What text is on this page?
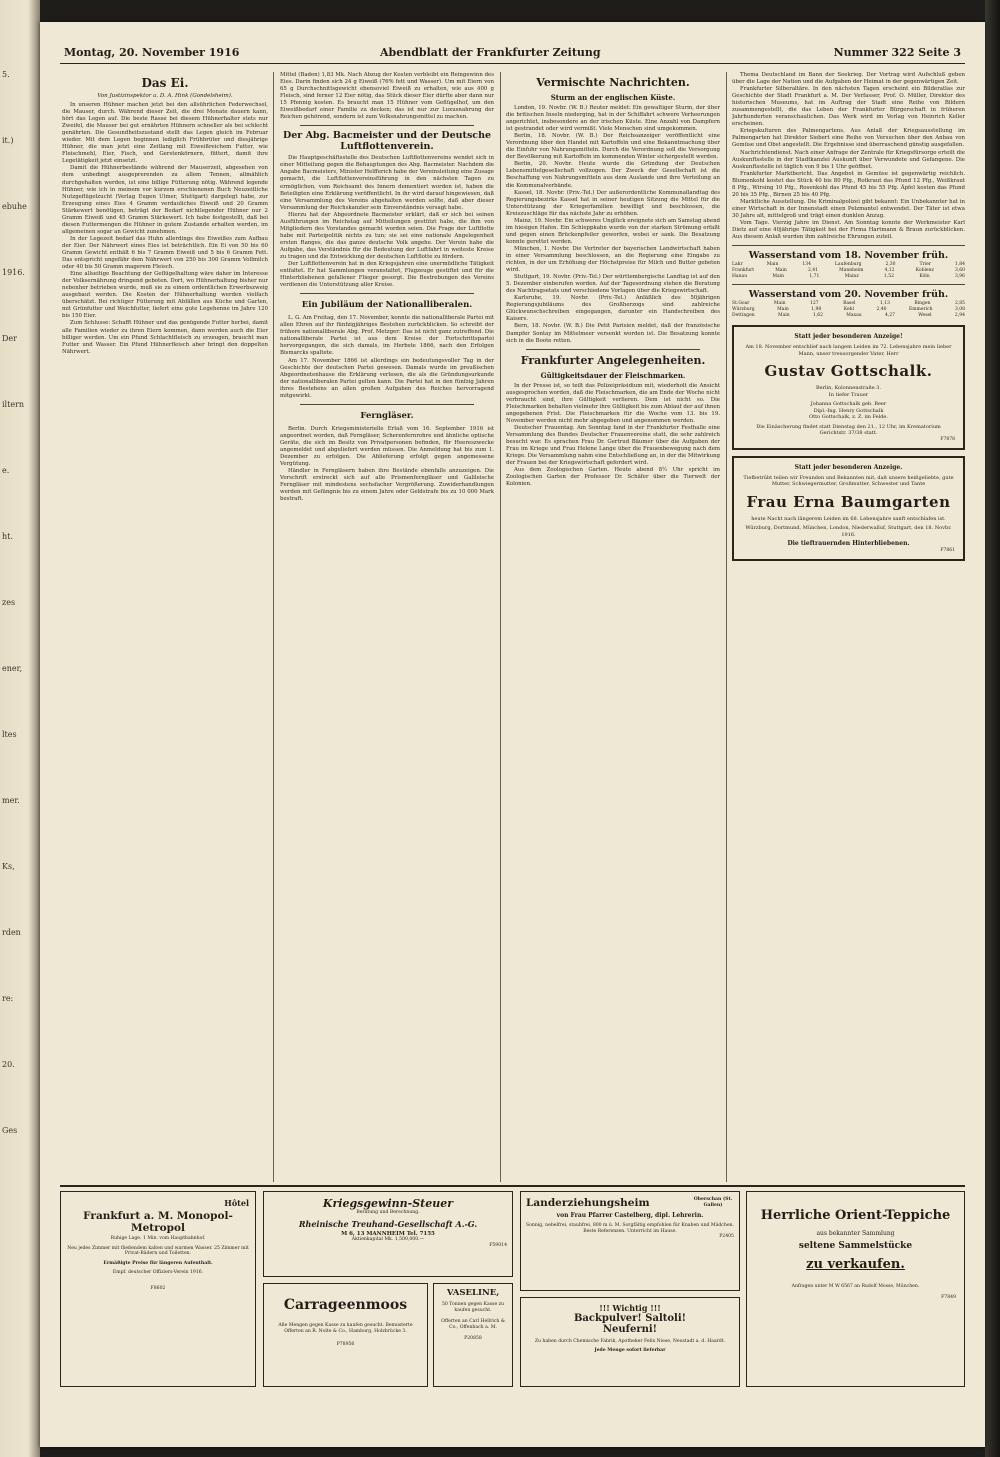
5.
it.)
ebuhe
1916.
Der
iltern
e.
ht.
zes
ener,
ltes
mer.
Ks,
rden
re:
20.
Ges
Montag, 20. November 1916	Abendblatt der Frankfurter Zeitung	Nummer 322 Seite 3
Das Ei.
Von Justizinspektor a. D. A. Hink (Gondelsheim).

In unseren Hühner machen jetzt bei den allsührlichen Federwechsel, die Mauser, durch. Während dieser Zeit, die drei Monate dauern kann, hört das Legen auf. Die beste Rasse bei diesem Hühnerhalter stets nur Zweifel, die Mauser bei gut ernährten Hühnern schneller als bei schlecht genährten. Die Gesundheitszustand stellt das Legen gleich im Februar wieder. Mit dem Legen beginnen lediglich Frühbrüter und diesjährige Hühner, die man jetzt eine Zeitlang mit Eiweißreichem Futter, wie Fleischmehl, Eier, Fisch, und Gerstenkörnern, füttert, damit ihre Legetätigkeit jetzt einsetzt.

Damit die Hühnerbestände während der Mauserzeit, abgesehen von dem unbedingt ausgeprerenden zu allem Tennen, allmählich durchgehalten werden, ist eine billige Fütterung nötig. Während legende Hühner, wie ich in meinem vor kurzem erschienenen Buch Neuzeitliche Nutzgeflügelzucht (Verlag Eugen Ulmer, Stuttgart) dargelegt habe, zur Erzeugung eines Eies 4 Gramm verdauliches Eiweiß und 20 Gramm Stärkewert benötigen, beträgt der Bedarf nichtlegender Hühner nur 2 Gramm Eiweiß und 45 Gramm Stärkewert. Ich habe festgestellt, daß bei diesen Futtermengen die Hühner in gutem Zustande erhalten werden, im allgemeinen sogar an Gewicht zunehmen.

In der Legezeit bedarf das Huhn allerdings des Eiweißes zum Aufbau der Eier. Der Nährwert eines Eies ist beträchtlich. Ein Ei von 50 bis 60 Gramm Gewicht enthält 6 bis 7 Gramm Eiweiß und 5 bis 6 Gramm Fett. Das entspricht ungefähr dem Nährwert von 250 bis 300 Gramm Vollmilch oder 40 bis 50 Gramm magerem Fleisch.

Eine allseitige Beachtung der Geflügelhaltung wäre daher im Interesse der Volksernährung dringend geboten. Dort, wo Hühnerhaltung bisher nur nebenher betrieben wurde, muß sie zu einem ordentlichen Erwerbszweig ausgebaut werden. Die Kosten der Hühnerhaltung werden vielfach überschätzt. Bei richtiger Fütterung mit Abfällen aus Küche und Garten, mit Grünfutter und Weichfutter, liefert eine gute Legehenne im Jahre 120 bis 150 Eier.

Zum Schlusse: Schafft Hühner und das genügende Futter herbei, damit alle Familien wieder zu ihren Eiern kommen, dann werden auch die Eier billiger werden. Um ein Pfund Schlachtfleisch zu erzeugen, braucht man Futter und Wasser. Ein Pfund Hühnerfleisch aber bringt den doppelten Nährwert.

Mittel (Baden) 1,83 Mk. Nach Abzug der Kosten verbleibt ein Reingewinn des Eies. Darin finden sich 24 g Eiweiß (76% fett und Wasser). Um mit Eiern von 65 g Durchschnittsgewicht ebensoviel Eiweiß zu erhalten, wie aus 400 g Fleisch, sind ferner 12 Eier nötig, das Stück dieser Eier dürfte aber dann nur 15 Pfennig kosten. Es braucht man 15 Hühner vom Geflügelhof, um den Eiweißbedarf einer Familie zu decken; das ist nur zur Luxusnahrung der Reichen gehörend, sondern ist zum Volksnahrungsmittel zu machen.

Der Abg. Bacmeister und der Deutsche Luftflottenverein.

Die Hauptgeschäftsstelle des Deutschen Luftflottenvereins wendet sich in einer Mitteilung gegen die Behauptungen des Abg. Bacmeister. Nachdem die Angabe Bacmeisters, Minister Helfferich habe der Vereinsleitung eine Zusage gemacht, die Luftflottenvereinsführung in den nächsten Tagen zu ermöglichen, vom Reichsamt des Innern dementiert worden ist, haben die Beteiligten eine Erklärung veröffentlicht. In ihr wird darauf hingewiesen, daß eine Versammlung des Vereins abgehalten werden sollte, daß aber dieser Versammlung der Reichskanzler sein Einverständnis versagt habe.

Hierzu hat der Abgeordnete Bacmeister erklärt, daß er sich bei seinen Ausführungen im Reichstag auf Mitteilungen gestützt habe, die ihm von Mitgliedern des Vorstandes gemacht worden seien. Die Frage der Luftflotte habe mit Parteipolitik nichts zu tun; sie sei eine nationale Angelegenheit ersten Ranges, die das ganze deutsche Volk angehe. Der Verein habe die Aufgabe, das Verständnis für die Bedeutung der Luftfahrt in weiteste Kreise zu tragen und die Entwicklung der deutschen Luftflotte zu fördern.

Der Luftflottenverein hat in den Kriegsjahren eine unermüdliche Tätigkeit entfaltet. Er hat Sammlungen veranstaltet, Flugzeuge gestiftet und für die Hinterbliebenen gefallener Flieger gesorgt. Die Bestrebungen des Vereins verdienen die Unterstützung aller Kreise.

Ein Jubiläum der Nationalliberalen.

L. G. Am Freitag, den 17. November, konnte die nationalliberale Partei mit allen Ehren auf ihr fünfzigjähriges Bestehen zurückblicken. So schreibt der frühere nationalliberale Abg. Prof. Metzger: Das ist nicht ganz zutreffend. Die nationalliberale Partei ist aus dem Kreise der Fortschrittspartei hervorgegangen, die sich damals, im Herbste 1866, nach den Erfolgen Bismarcks spaltete.

Am 17. November 1866 ist allerdings ein bedeutungsvoller Tag in der Geschichte der deutschen Partei gewesen. Damals wurde im preußischen Abgeordnetenhause die Erklärung verlesen, die als die Gründungsurkunde der nationalliberalen Partei gelten kann. Die Partei hat in den fünfzig Jahren ihres Bestehens an allen großen Aufgaben des Reiches hervorragend mitgewirkt.

Ferngläser.

Berlin. Durch Kriegsministerielle Erlaß vom 16. September 1916 ist angeordnet worden, daß Ferngläser, Scherenfernrohre und ähnliche optische Geräte, die sich im Besitz von Privatpersonen befinden, für Heereszwecke angemeldet und abgeliefert werden müssen. Die Anmeldung hat bis zum 1. Dezember zu erfolgen. Die Ablieferung erfolgt gegen angemessene Vergütung.

Händler in Ferngläsern haben ihre Bestände ebenfalls anzuzeigen. Die Vorschrift erstreckt sich auf alle Prismenferngläser und Galileische Ferngläser mit mindestens sechsfacher Vergrößerung. Zuwiderhandlungen werden mit Gefängnis bis zu einem Jahre oder Geldstrafe bis zu 10 000 Mark bestraft.

Vermischte Nachrichten.
Sturm an der englischen Küste.

London, 19. Novbr. (W. B.) Reuter meldet: Ein gewaltiger Sturm, der über die britischen Inseln niederging, hat in der Schiffahrt schwere Verheerungen angerichtet, insbesondere an der irischen Küste. Eine Anzahl von Dampfern ist gestrandet oder wird vermißt. Viele Menschen sind umgekommen.

Berlin, 18. Novbr. (W. B.) Der Reichsanzeiger veröffentlicht eine Verordnung über den Handel mit Kartoffeln und eine Bekanntmachung über die Einfuhr von Nahrungsmitteln. Durch die Verordnung soll die Versorgung der Bevölkerung mit Kartoffeln im kommenden Winter sichergestellt werden.

Berlin, 20. Novbr. Heute wurde die Gründung der Deutschen Lebensmittelgesellschaft vollzogen. Der Zweck der Gesellschaft ist die Beschaffung von Nahrungsmitteln aus dem Auslande und ihre Verteilung an die Kommunalverbände.

Kassel, 18. Novbr. (Priv.-Tel.) Der außerordentliche Kommunallandtag des Regierungsbezirks Kassel hat in seiner heutigen Sitzung die Mittel für die Unterstützung der Kriegerfamilien bewilligt und beschlossen, die Kreiszuschläge für das nächste Jahr zu erhöhen.

Mainz, 19. Novbr. Ein schweres Unglück ereignete sich am Samstag abend im hiesigen Hafen. Ein Schleppkahn wurde von der starken Strömung erfaßt und gegen einen Brückenpfeiler geworfen, wobei er sank. Die Besatzung konnte gerettet werden.

München, 1. Novbr. Die Vertreter der bayerischen Landwirtschaft haben in einer Versammlung beschlossen, an die Regierung eine Eingabe zu richten, in der um Erhöhung der Höchstpreise für Milch und Butter gebeten wird.

Stuttgart, 19. Novbr. (Priv.-Tel.) Der württembergische Landtag ist auf den 5. Dezember einberufen worden. Auf der Tagesordnung stehen die Beratung des Nachtragsetats und verschiedene Vorlagen über die Kriegswirtschaft.

Karlsruhe, 19. Novbr. (Priv.-Tel.) Anläßlich des 50jährigen Regierungsjubiläums des Großherzogs sind zahlreiche Glückwunschschreiben eingegangen, darunter ein Handschreiben des Kaisers.

Bern, 18. Novbr. (W. B.) Die Petit Parisien meldet, daß der französische Dampfer Sontay im Mittelmeer versenkt worden ist. Die Besatzung konnte sich in die Boote retten.

Frankfurter Angelegenheiten.
Gültigkeitsdauer der Fleischmarken.

In der Presse ist, so teilt das Polizeipräsidium mit, wiederholt die Ansicht ausgesprochen worden, daß die Fleischmarken, die am Ende der Woche nicht verbraucht sind, ihre Gültigkeit verlieren. Dem ist nicht so. Die Fleischmarken behalten vielmehr ihre Gültigkeit bis zum Ablauf der auf ihnen angegebenen Frist. Die Fleischmarken für die Woche vom 13. bis 19. November werden nicht mehr abgegeben und angenommen werden.

Deutscher Frauentag. Am Sonntag fand in der Frankfurter Festhalle eine Versammlung des Bundes Deutscher Frauenvereine statt, die sehr zahlreich besucht war. Es sprachen Frau Dr. Gertrud Bäumer über die Aufgaben der Frau im Kriege und Frau Helene Lange über die Frauenbewegung nach dem Kriege. Die Versammlung nahm eine Entschließung an, in der die Mitwirkung der Frauen bei der Kriegswirtschaft gefordert wird.

Aus dem Zoologischen Garten. Heute abend 8½ Uhr spricht im Zoologischen Garten der Professor Dr. Schäfer über die Tierwelt der Kolonien.

Thema Deutschland im Bann der Seekrieg. Der Vortrag wird Aufschluß geben über die Lage der Nation und die Aufgaben der Heimat in der gegenwärtigen Zeit.

Frankfurter Silberaltäre. In den nächsten Tagen erscheint ein Bilderatlas zur Geschichte der Stadt Frankfurt a. M. Der Verfasser, Prof. O. Müller, Direktor des historischen Museums, hat im Auftrag der Stadt eine Reihe von Bildern zusammengestellt, die das Leben der Frankfurter Bürgerschaft in früheren Jahrhunderten veranschaulichen. Das Werk wird im Verlag von Heinrich Keller erscheinen.

Kriegskulturen des Palmengartens. Aus Anlaß der Kriegsausstellung im Palmengarten hat Direktor Siebert eine Reihe von Versuchen über den Anbau von Gemüse und Obst angestellt. Die Ergebnisse sind überraschend günstig ausgefallen.

Nachrichtendienst. Nach einer Anfrage der Zentrale für Kriegsfürsorge erteilt die Auskunftsstelle in der Stadtkanzlei Auskunft über Verwundete und Gefangene. Die Auskunftsstelle ist täglich von 9 bis 1 Uhr geöffnet.

Frankfurter Marktbericht. Das Angebot in Gemüse ist gegenwärtig reichlich. Blumenkohl kostet das Stück 40 bis 80 Pfg., Rotkraut das Pfund 12 Pfg., Weißkraut 8 Pfg., Wirsing 10 Pfg., Rosenkohl das Pfund 45 bis 55 Pfg. Äpfel kosten das Pfund 20 bis 35 Pfg., Birnen 25 bis 40 Pfg.

Marktliche Ausstellung. Die Kriminalpolizei gibt bekannt: Ein Unbekannter hat in einer Wirtschaft in der Innenstadt einen Pelzmantel entwendet. Der Täter ist etwa 30 Jahre alt, mittelgroß und trägt einen dunklen Anzug.

Vom Tage. Vierzig Jahre im Dienst. Am Sonntag konnte der Werkmeister Karl Dietz auf eine 40jährige Tätigkeit bei der Firma Hartmann & Braun zurückblicken. Aus diesem Anlaß wurden ihm zahlreiche Ehrungen zuteil.

Wasserstand vom 18. November früh.
Lahr	Main	134	Laufenburg	2,30	Trier	1,84
Frankfurt	Main	2,41	Mannheim	4,12	Koblenz	3,60
Hanau	Main	1,71	Mainz	1,52	Köln	3,96
Wasserstand vom 20. November früh.
St.Goar	Main	127	Basel	1,13	Bingen	2,85
Würzburg	Main	1,98	Kehl	2,40	Emmerich	3,08
Dettingen	Main	1,62	Maxau	4,27	Wesel	2,94
Statt jeder besonderen Anzeige!
Am 18. November entschlief nach langem Leiden im 72. Lebensjahre mein lieber Mann, unser treusorgender Vater, Herr
Gustav Gottschalk.
Berlin, Kolonnenstraße 3.
In tiefer Trauer
Johanna Gottschalk geb. Beer
Dipl.-Ing. Henry Gottschalk
Otto Gottschalk, z. Z. im Felde.
Die Einäscherung findet statt Dienstag den 21., 12 Uhr, im Krematorium Gerichtstr. 37/38 statt.
F7878
Statt jeder besonderen Anzeige.
Tiefbetrübt teilen wir Freunden und Bekannten mit, daß unsere heißgeliebte, gute Mutter, Schwiegermutter, Großmutter, Schwester und Tante
Frau Erna Baumgarten
heute Nacht nach längerem Leiden im 68. Lebensjahre sanft entschlafen ist.
Würzburg, Dortmund, München, London, Niederwalluf, Stuttgart, den 18. Novbr. 1916.
Die tieftrauernden Hinterbliebenen.
F7861
Hôtel
Frankfurt a. M. Monopol-Metropol
Ruhige Lage. 1 Min. vom Hauptbahnhof.
Neu jedes Zimmer mit fließendem kalten und warmen Wasser. 25 Zimmer mit Privat-Bädern und Toiletten.
Ermäßigte Preise für längeren Aufenthalt.
Empf. deutscher Offiziers-Verein 1916.
F8602
Kriegsgewinn-Steuer
Beratung und Berechnung.
Rheinische Treuhand-Gesellschaft A.-G.
M 6, 13 MANNHEIM Tel. 7155
Aktienkapital Mk. 1,500,000.—
F59014
Carrageenmoos
Alle Mengen gegen Kasse zu kaufen gesucht. Bemusterte Offerten an R. Nolte & Co., Hamburg, Holzbrücke 3.
P78956
VASELINE,
50 Tonnen gegen Kasse zu kaufen gesucht.
Offerten an Carl Hellrich & Co., Offenbach a. M.
P20858
Landerziehungsheim	Oberschan (St. Gallen)
von Frau Pfarrer Castelberg, dipl. Lehrerin.
Sonnig, nebelfrei, staubfrei, 800 m ü. M. Sorgfältig empfohlen für Knaben und Mädchen. Beste Referenzen. Unterricht im Hause.
P2405
!!! Wichtig !!!
Backpulver! Saltoli!
Neuferni!
Zu haben durch Chemische Fabrik, Apotheker Felix Niese, Neustadt a. d. Haardt.
Jede Menge sofort lieferbar
Herrliche Orient-Teppiche
aus bekannter Sammlung
seltene Sammelstücke
zu verkaufen.
Anfragen unter M W 6567 an Rudolf Mosse, München.
F7849
